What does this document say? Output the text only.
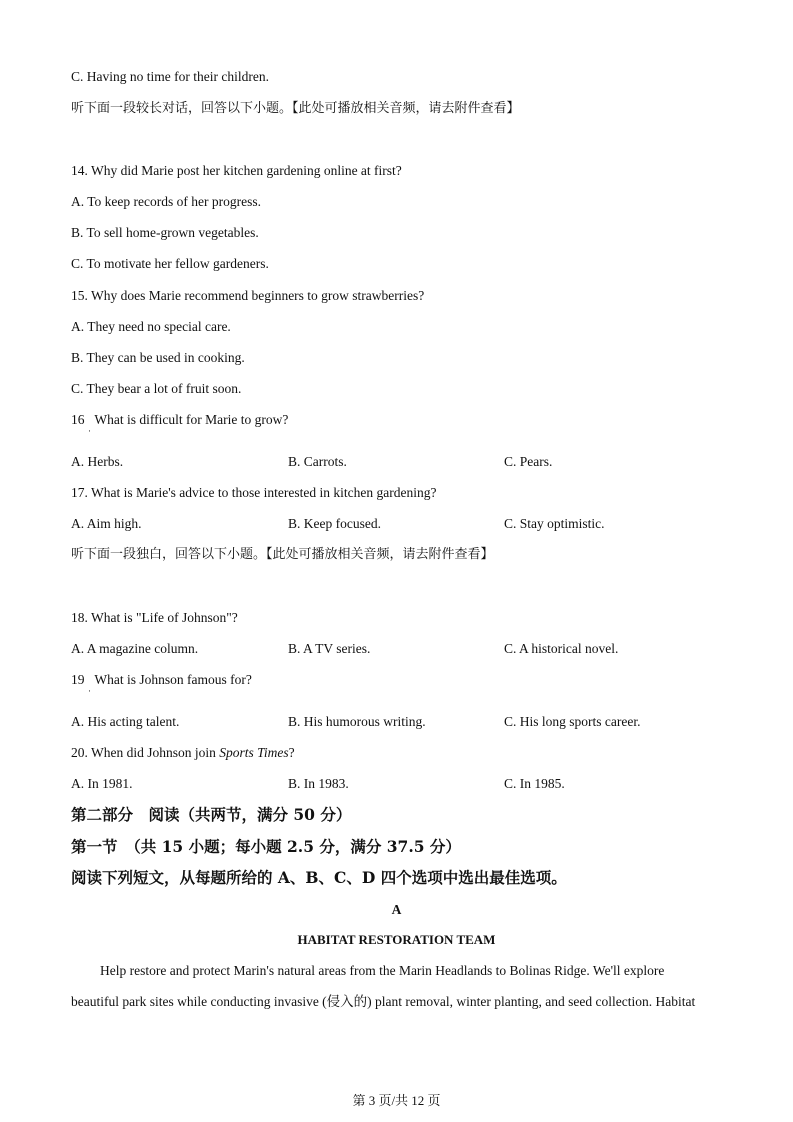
C. Having no time for their children.
听下面一段较长对话，回答以下小题。【此处可播放相关音频，请去附件查看】
14. Why did Marie post her kitchen gardening online at first?
A. To keep records of her progress.
B. To sell home-grown vegetables.
C. To motivate her fellow gardeners.
15. Why does Marie recommend beginners to grow strawberries?
A. They need no special care.
B. They can be used in cooking.
C. They bear a lot of fruit soon.
16 What is difficult for Marie to grow?
·
A. Herbs.	B. Carrots.	C. Pears.
17. What is Marie's advice to those interested in kitchen gardening?
A. Aim high.	B. Keep focused.	C. Stay optimistic.
听下面一段独白，回答以下小题。【此处可播放相关音频，请去附件查看】
18. What is "Life of Johnson"?
A. A magazine column.	B. A TV series.	C. A historical novel.
19 What is Johnson famous for?
·
A. His acting talent.	B. His humorous writing.	C. His long sports career.
20. When did Johnson join Sports Times?
A. In 1981.	B. In 1983.	C. In 1985.
第二部分　阅读（共两节，满分 50 分）
第一节　（共 15 小题；每小题 2.5 分，满分 37.5 分）
阅读下列短文，从每题所给的 A、B、C、D 四个选项中选出最佳选项。
A
HABITAT RESTORATION TEAM
Help restore and protect Marin's natural areas from the Marin Headlands to Bolinas Ridge. We'll explore
beautiful park sites while conducting invasive (侵入的) plant removal, winter planting, and seed collection. Habitat
第 3 页/共 12 页
